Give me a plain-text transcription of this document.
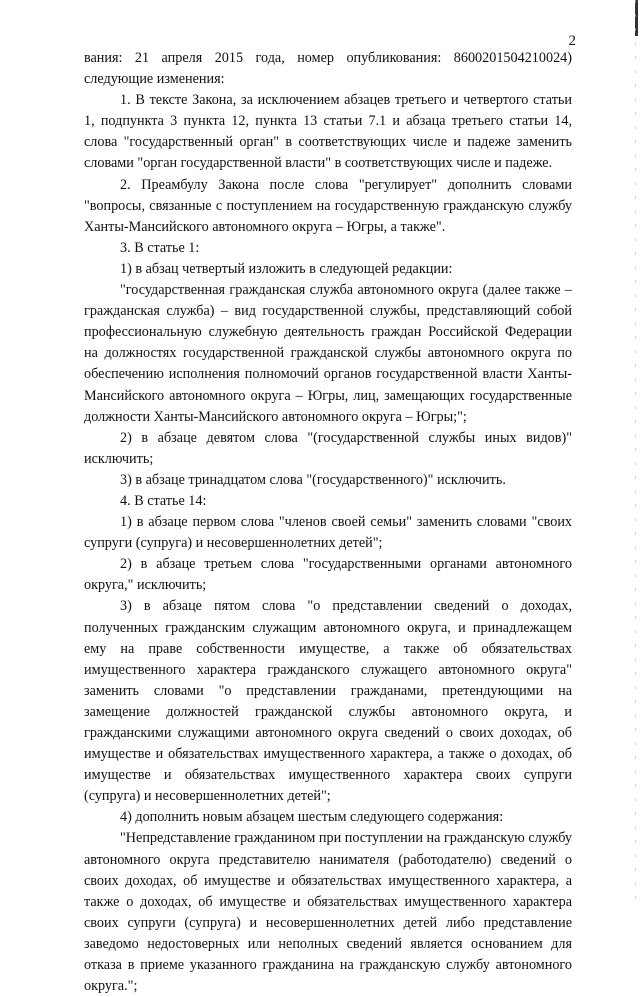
2

вания: 21 апреля 2015 года, номер опубликования: 8600201504210024) следующие изменения:

1. В тексте Закона, за исключением абзацев третьего и четвертого статьи 1, подпункта 3 пункта 12, пункта 13 статьи 7.1 и абзаца третьего статьи 14, слова "государственный орган" в соответствующих числе и падеже заменить словами "орган государственной власти" в соответствующих числе и падеже.

2. Преамбулу Закона после слова "регулирует" дополнить словами "вопросы, связанные с поступлением на государственную гражданскую службу Ханты-Мансийского автономного округа – Югры, а также".

3. В статье 1:

1) в абзац четвертый изложить в следующей редакции:

"государственная гражданская служба автономного округа (далее также – гражданская служба) – вид государственной службы, представляющий собой профессиональную служебную деятельность граждан Российской Федерации на должностях государственной гражданской службы автономного округа по обеспечению исполнения полномочий органов государственной власти Ханты-Мансийского автономного округа – Югры, лиц, замещающих государственные должности Ханты-Мансийского автономного округа – Югры;";

2) в абзаце девятом слова "(государственной службы иных видов)" исключить;

3) в абзаце тринадцатом слова "(государственного)" исключить.

4. В статье 14:

1) в абзаце первом слова "членов своей семьи" заменить словами "своих супруги (супруга) и несовершеннолетних детей";

2) в абзаце третьем слова "государственными органами автономного округа," исключить;

3) в абзаце пятом слова "о представлении сведений о доходах, полученных гражданским служащим автономного округа, и принадлежащем ему на праве собственности имуществе, а также об обязательствах имущественного характера гражданского служащего автономного округа" заменить словами "о представлении гражданами, претендующими на замещение должностей гражданской службы автономного округа, и гражданскими служащими автономного округа сведений о своих доходах, об имуществе и обязательствах имущественного характера, а также о доходах, об имуществе и обязательствах имущественного характера своих супруги (супруга) и несовершеннолетних детей";

4) дополнить новым абзацем шестым следующего содержания:

"Непредставление гражданином при поступлении на гражданскую службу автономного округа представителю нанимателя (работодателю) сведений о своих доходах, об имуществе и обязательствах имущественного характера, а также о доходах, об имуществе и обязательствах имущественного характера своих супруги (супруга) и несовершеннолетних детей либо представление заведомо недостоверных или неполных сведений является основанием для отказа в приеме указанного гражданина на гражданскую службу автономного округа.";
